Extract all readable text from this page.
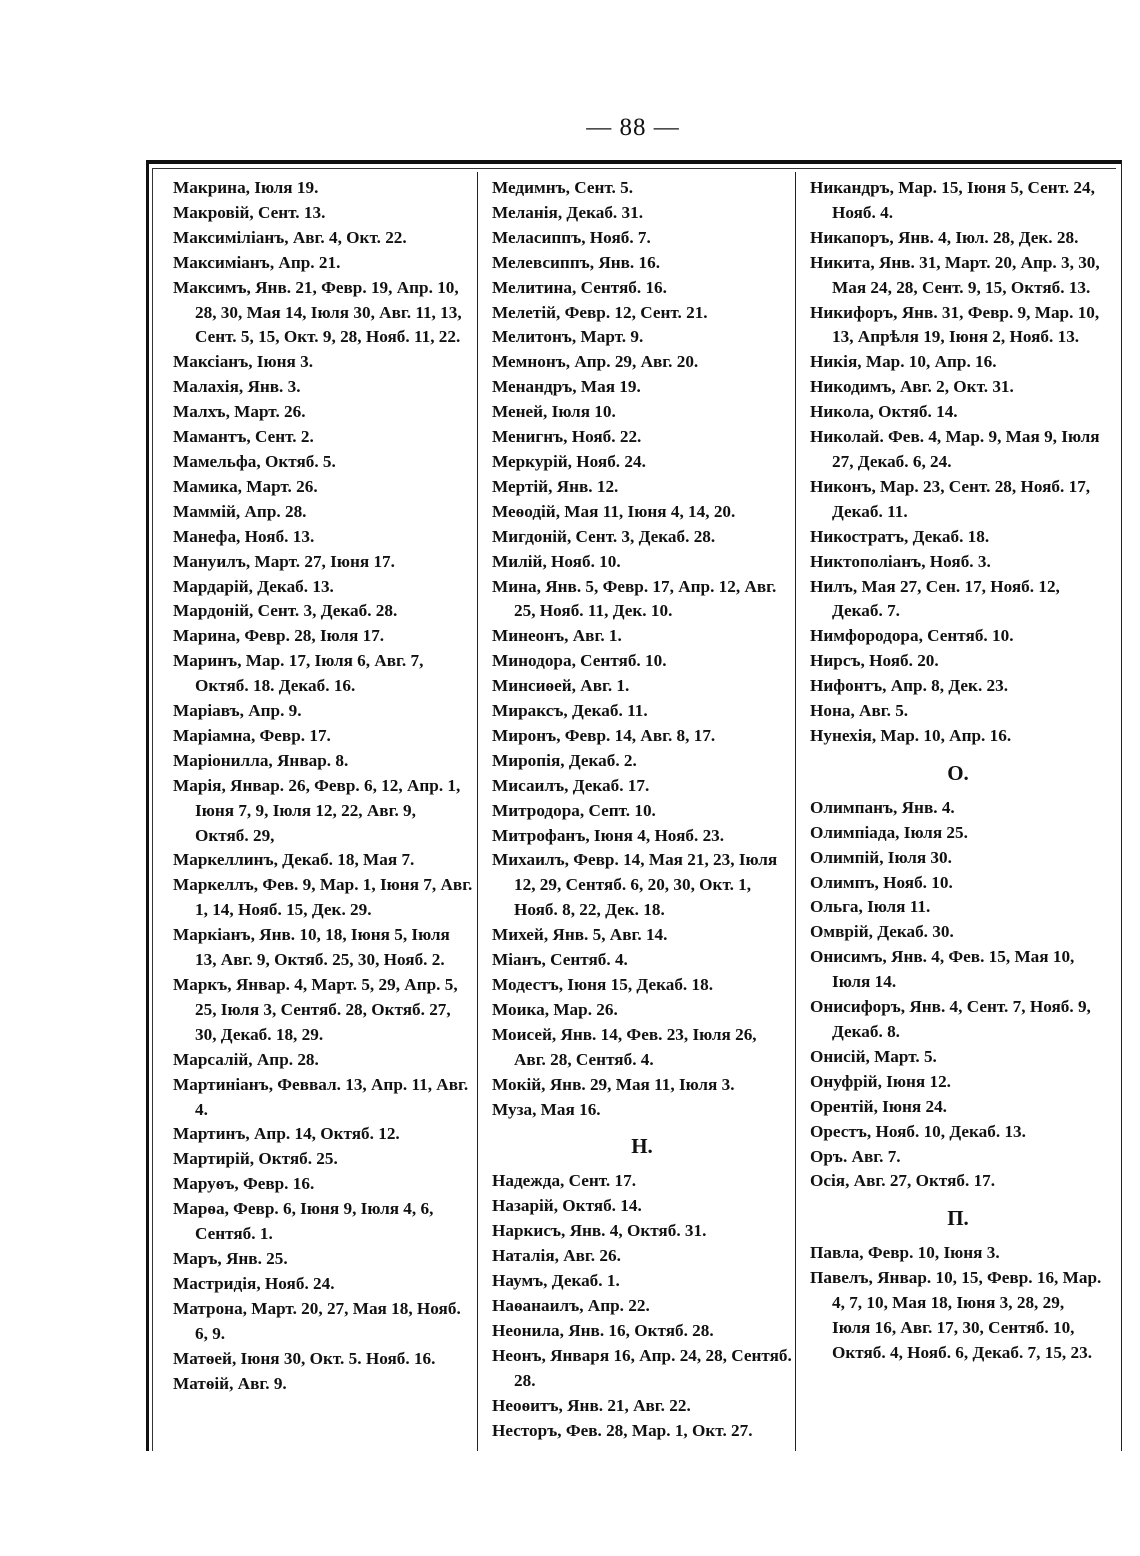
— 88 —

Макрина, Іюля 19.

Макровій, Сент. 13.

Максиміліанъ, Авг. 4, Окт. 22.

Максиміанъ, Апр. 21.

Максимъ, Янв. 21, Февр. 19, Апр. 10, 28, 30, Мая 14, Іюля 30, Авг. 11, 13, Сент. 5, 15, Окт. 9, 28, Нояб. 11, 22.

Максіанъ, Іюня 3.

Малахія, Янв. 3.

Малхъ, Март. 26.

Мамантъ, Сент. 2.

Мамельфа, Октяб. 5.

Мамика, Март. 26.

Маммій, Апр. 28.

Манефа, Нояб. 13.

Мануилъ, Март. 27, Іюня 17.

Мардарій, Декаб. 13.

Мардоній, Сент. 3, Декаб. 28.

Марина, Февр. 28, Іюля 17.

Маринъ, Мар. 17, Іюля 6, Авг. 7, Октяб. 18. Декаб. 16.

Маріавъ, Апр. 9.

Маріамна, Февр. 17.

Маріонилла, Январ. 8.

Марія, Январ. 26, Февр. 6, 12, Апр. 1, Іюня 7, 9, Іюля 12, 22, Авг. 9, Октяб. 29,

Маркеллинъ, Декаб. 18, Мая 7.

Маркеллъ, Фев. 9, Мар. 1, Іюня 7, Авг. 1, 14, Нояб. 15, Дек. 29.

Маркіанъ, Янв. 10, 18, Іюня 5, Іюля 13, Авг. 9, Октяб. 25, 30, Нояб. 2.

Маркъ, Январ. 4, Март. 5, 29, Апр. 5, 25, Іюля 3, Сентяб. 28, Октяб. 27, 30, Декаб. 18, 29.

Марсалій, Апр. 28.

Мартиніанъ, Феввал. 13, Апр. 11, Авг. 4.

Мартинъ, Апр. 14, Октяб. 12.

Мартирій, Октяб. 25.

Маруѳъ, Февр. 16.

Марѳа, Февр. 6, Іюня 9, Іюля 4, 6, Сентяб. 1.

Маръ, Янв. 25.

Мастридія, Нояб. 24.

Матрона, Март. 20, 27, Мая 18, Нояб. 6, 9.

Матѳей, Іюня 30, Окт. 5. Нояб. 16.

Матѳій, Авг. 9.

Медимнъ, Сент. 5.

Меланія, Декаб. 31.

Меласиппъ, Нояб. 7.

Мелевсиппъ, Янв. 16.

Мелитина, Сентяб. 16.

Мелетій, Февр. 12, Сент. 21.

Мелитонъ, Март. 9.

Мемнонъ, Апр. 29, Авг. 20.

Менандръ, Мая 19.

Меней, Іюля 10.

Менигнъ, Нояб. 22.

Меркурій, Нояб. 24.

Мертій, Янв. 12.

Меѳодій, Мая 11, Іюня 4, 14, 20.

Мигдоній, Сент. 3, Декаб. 28.

Милій, Нояб. 10.

Мина, Янв. 5, Февр. 17, Апр. 12, Авг. 25, Нояб. 11, Дек. 10.

Минеонъ, Авг. 1.

Минодора, Сентяб. 10.

Минсиѳей, Авг. 1.

Мираксъ, Декаб. 11.

Миронъ, Февр. 14, Авг. 8, 17.

Миропія, Декаб. 2.

Мисаилъ, Декаб. 17.

Митродора, Септ. 10.

Митрофанъ, Іюня 4, Нояб. 23.

Михаилъ, Февр. 14, Мая 21, 23, Іюля 12, 29, Сентяб. 6, 20, 30, Окт. 1, Нояб. 8, 22, Дек. 18.

Михей, Янв. 5, Авг. 14.

Міанъ, Сентяб. 4.

Модестъ, Іюня 15, Декаб. 18.

Моика, Мар. 26.

Моисей, Янв. 14, Фев. 23, Іюля 26, Авг. 28, Сентяб. 4.

Мокій, Янв. 29, Мая 11, Іюля 3.

Муза, Мая 16.

Н.

Надежда, Сент. 17.

Назарій, Октяб. 14.

Наркисъ, Янв. 4, Октяб. 31.

Наталія, Авг. 26.

Наумъ, Декаб. 1.

Наѳанаилъ, Апр. 22.

Неонила, Янв. 16, Октяб. 28.

Неонъ, Января 16, Апр. 24, 28, Сентяб. 28.

Неоѳитъ, Янв. 21, Авг. 22.

Несторъ, Фев. 28, Мар. 1, Окт. 27.

Никандръ, Мар. 15, Іюня 5, Сент. 24, Нояб. 4.

Никапоръ, Янв. 4, Іюл. 28, Дек. 28.

Никита, Янв. 31, Март. 20, Апр. 3, 30, Мая 24, 28, Сент. 9, 15, Октяб. 13.

Никифоръ, Янв. 31, Февр. 9, Мар. 10, 13, Апрѣля 19, Іюня 2, Нояб. 13.

Никія, Мар. 10, Апр. 16.

Никодимъ, Авг. 2, Окт. 31.

Никола, Октяб. 14.

Николай. Фев. 4, Мар. 9, Мая 9, Іюля 27, Декаб. 6, 24.

Никонъ, Мар. 23, Сент. 28, Нояб. 17, Декаб. 11.

Никостратъ, Декаб. 18.

Никтополіанъ, Нояб. 3.

Нилъ, Мая 27, Сен. 17, Нояб. 12, Декаб. 7.

Нимфородора, Сентяб. 10.

Нирсъ, Нояб. 20.

Нифонтъ, Апр. 8, Дек. 23.

Нона, Авг. 5.

Нунехія, Мар. 10, Апр. 16.

О.

Олимпанъ, Янв. 4.

Олимпіада, Іюля 25.

Олимпій, Іюля 30.

Олимпъ, Нояб. 10.

Ольга, Іюля 11.

Омврій, Декаб. 30.

Онисимъ, Янв. 4, Фев. 15, Мая 10, Іюля 14.

Онисифоръ, Янв. 4, Сент. 7, Нояб. 9, Декаб. 8.

Онисій, Март. 5.

Онуфрій, Іюня 12.

Орентій, Іюня 24.

Орестъ, Нояб. 10, Декаб. 13.

Оръ. Авг. 7.

Осія, Авг. 27, Октяб. 17.

П.

Павла, Февр. 10, Іюня 3.

Павелъ, Январ. 10, 15, Февр. 16, Мар. 4, 7, 10, Мая 18, Іюня 3, 28, 29, Іюля 16, Авг. 17, 30, Сентяб. 10, Октяб. 4, Нояб. 6, Декаб. 7, 15, 23.
